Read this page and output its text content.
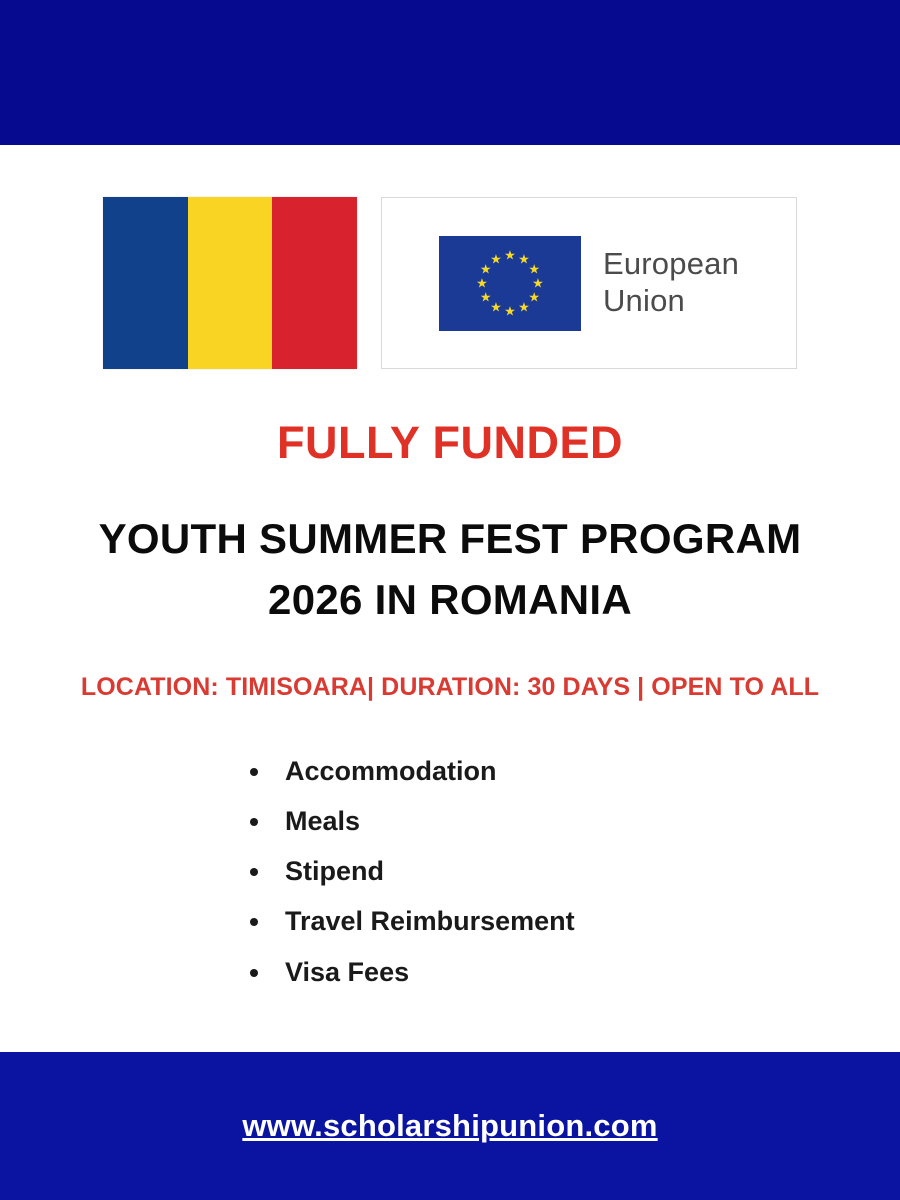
★ ★
★
★
★
★
★
★
★
★
★
★	European
Union
FULLY FUNDED
YOUTH SUMMER FEST PROGRAM
2026 IN ROMANIA
LOCATION: TIMISOARA| DURATION: 30 DAYS | OPEN TO ALL
• Accommodation
• Meals
• Stipend
• Travel Reimbursement
• Visa Fees
www.scholarshipunion.com
